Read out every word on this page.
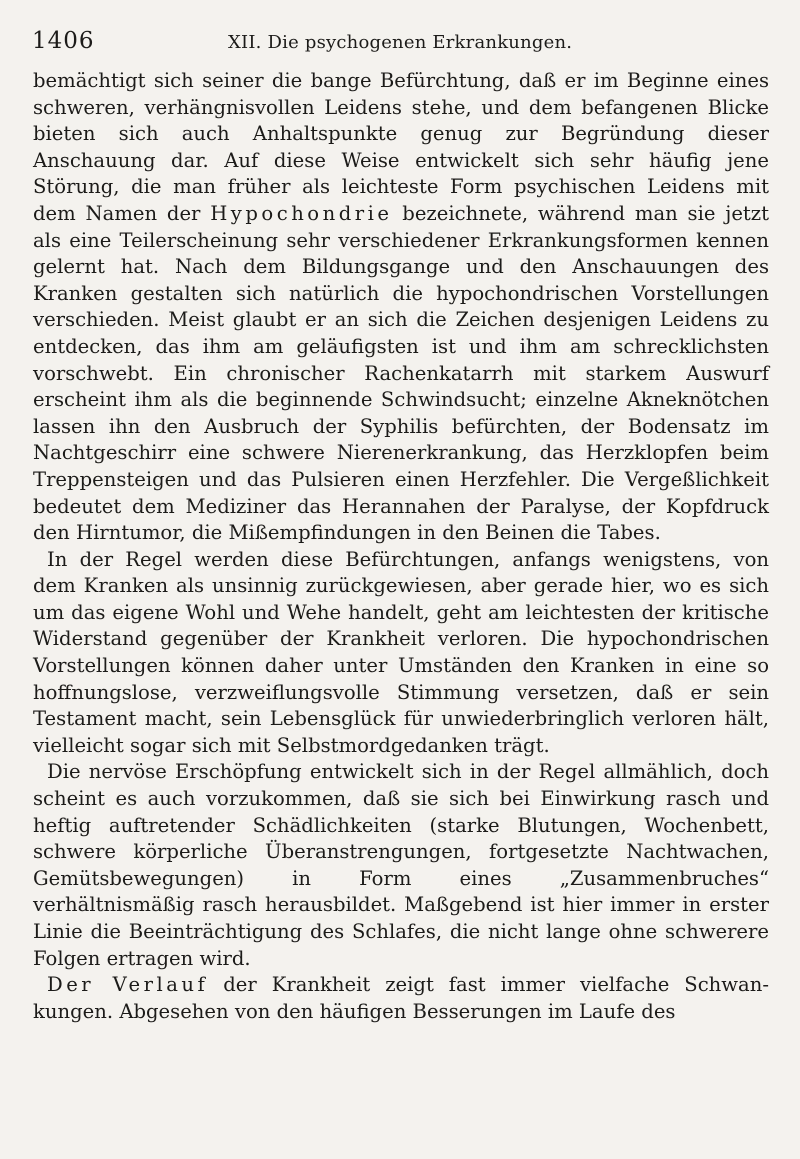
1406	XII. Die psychogenen Erkrankungen.

bemächtigt sich seiner die bange Befürchtung, daß er im Beginne eines schweren, verhängnisvollen Leidens stehe, und dem befangenen Blicke bieten sich auch Anhaltspunkte genug zur Begründung dieser Anschauung dar. Auf diese Weise entwickelt sich sehr häufig jene Störung, die man früher als leichteste Form psychischen Leidens mit dem Namen der Hypochondrie bezeichnete, während man sie jetzt als eine Teilerscheinung sehr verschiedener Erkrankungsformen kennen gelernt hat. Nach dem Bildungsgange und den Anschauungen des Kranken gestalten sich natürlich die hypochondrischen Vorstellungen verschieden. Meist glaubt er an sich die Zeichen desjenigen Leidens zu entdecken, das ihm am geläufigsten ist und ihm am schrecklichsten vorschwebt. Ein chronischer Rachenkatarrh mit starkem Auswurf erscheint ihm als die beginnende Schwindsucht; einzelne Akneknötchen lassen ihn den Ausbruch der Syphilis befürchten, der Bodensatz im Nachtgeschirr eine schwere Nierenerkrankung, das Herzklopfen beim Treppensteigen und das Pulsieren einen Herzfehler. Die Vergeßlichkeit bedeutet dem Mediziner das Herannahen der Paralyse, der Kopfdruck den Hirntumor, die Mißempfindungen in den Beinen die Tabes.

In der Regel werden diese Befürchtungen, anfangs wenigstens, von dem Kranken als unsinnig zurückgewiesen, aber gerade hier, wo es sich um das eigene Wohl und Wehe handelt, geht am leichtesten der kritische Widerstand gegenüber der Krankheit verloren. Die hypochondrischen Vorstellungen können daher unter Umständen den Kranken in eine so hoffnungslose, verzweiflungsvolle Stimmung versetzen, daß er sein Testament macht, sein Lebensglück für unwiederbringlich verloren hält, vielleicht sogar sich mit Selbstmordgedanken trägt.

Die nervöse Erschöpfung entwickelt sich in der Regel allmählich, doch scheint es auch vorzukommen, daß sie sich bei Einwirkung rasch und heftig auftretender Schädlichkeiten (starke Blutungen, Wochenbett, schwere körperliche Überanstrengungen, fortgesetzte Nachtwachen, Gemütsbewegungen) in Form eines „Zusammenbruches“ verhältnismäßig rasch herausbildet. Maßgebend ist hier immer in erster Linie die Beeinträchtigung des Schlafes, die nicht lange ohne schwerere Folgen ertragen wird.

Der Verlauf der Krankheit zeigt fast immer vielfache Schwankungen. Abgesehen von den häufigen Besserungen im Laufe des
